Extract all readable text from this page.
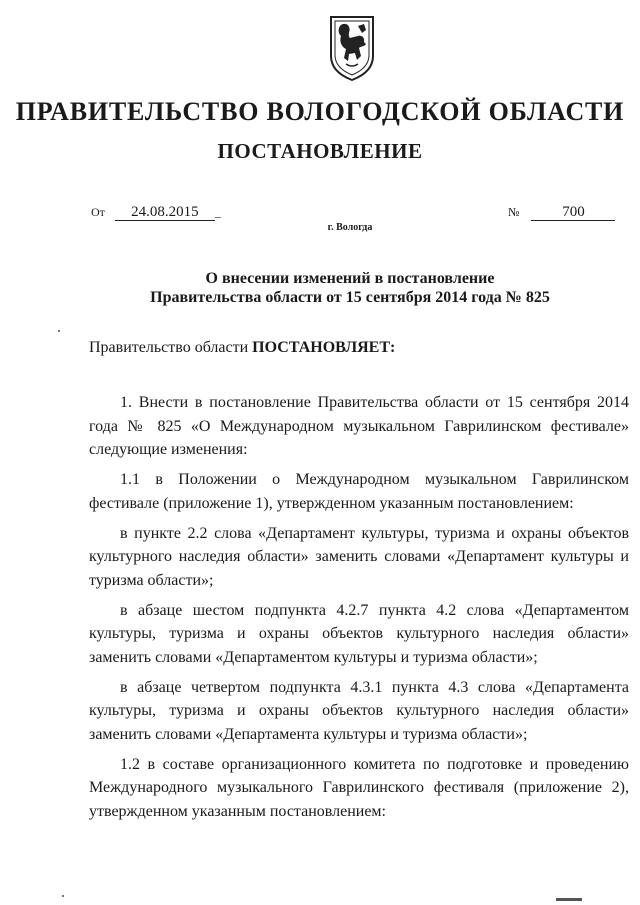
ПРАВИТЕЛЬСТВО ВОЛОГОДСКОЙ ОБЛАСТИ
ПОСТАНОВЛЕНИЕ
От 24.08.2015 _	№	700
г. Вологда
О внесении изменений в постановление
Правительства области от 15 сентября 2014 года № 825
Правительство области ПОСТАНОВЛЯЕТ:

1. Внести в постановление Правительства области от 15 сентября 2014 года № 825 «О Международном музыкальном Гаврилинском фестивале» следующие изменения:

1.1 в Положении о Международном музыкальном Гаврилинском фестивале (приложение 1), утвержденном указанным постановлением:

в пункте 2.2 слова «Департамент культуры, туризма и охраны объектов культурного наследия области» заменить словами «Департамент культуры и туризма области»;

в абзаце шестом подпункта 4.2.7 пункта 4.2 слова «Департаментом культуры, туризма и охраны объектов культурного наследия области» заменить словами «Департаментом культуры и туризма области»;

в абзаце четвертом подпункта 4.3.1 пункта 4.3 слова «Департамента культуры, туризма и охраны объектов культурного наследия области» заменить словами «Департамента культуры и туризма области»;

1.2 в составе организационного комитета по подготовке и проведению Международного музыкального Гаврилинского фестиваля (приложение 2), утвержденном указанным постановлением:
